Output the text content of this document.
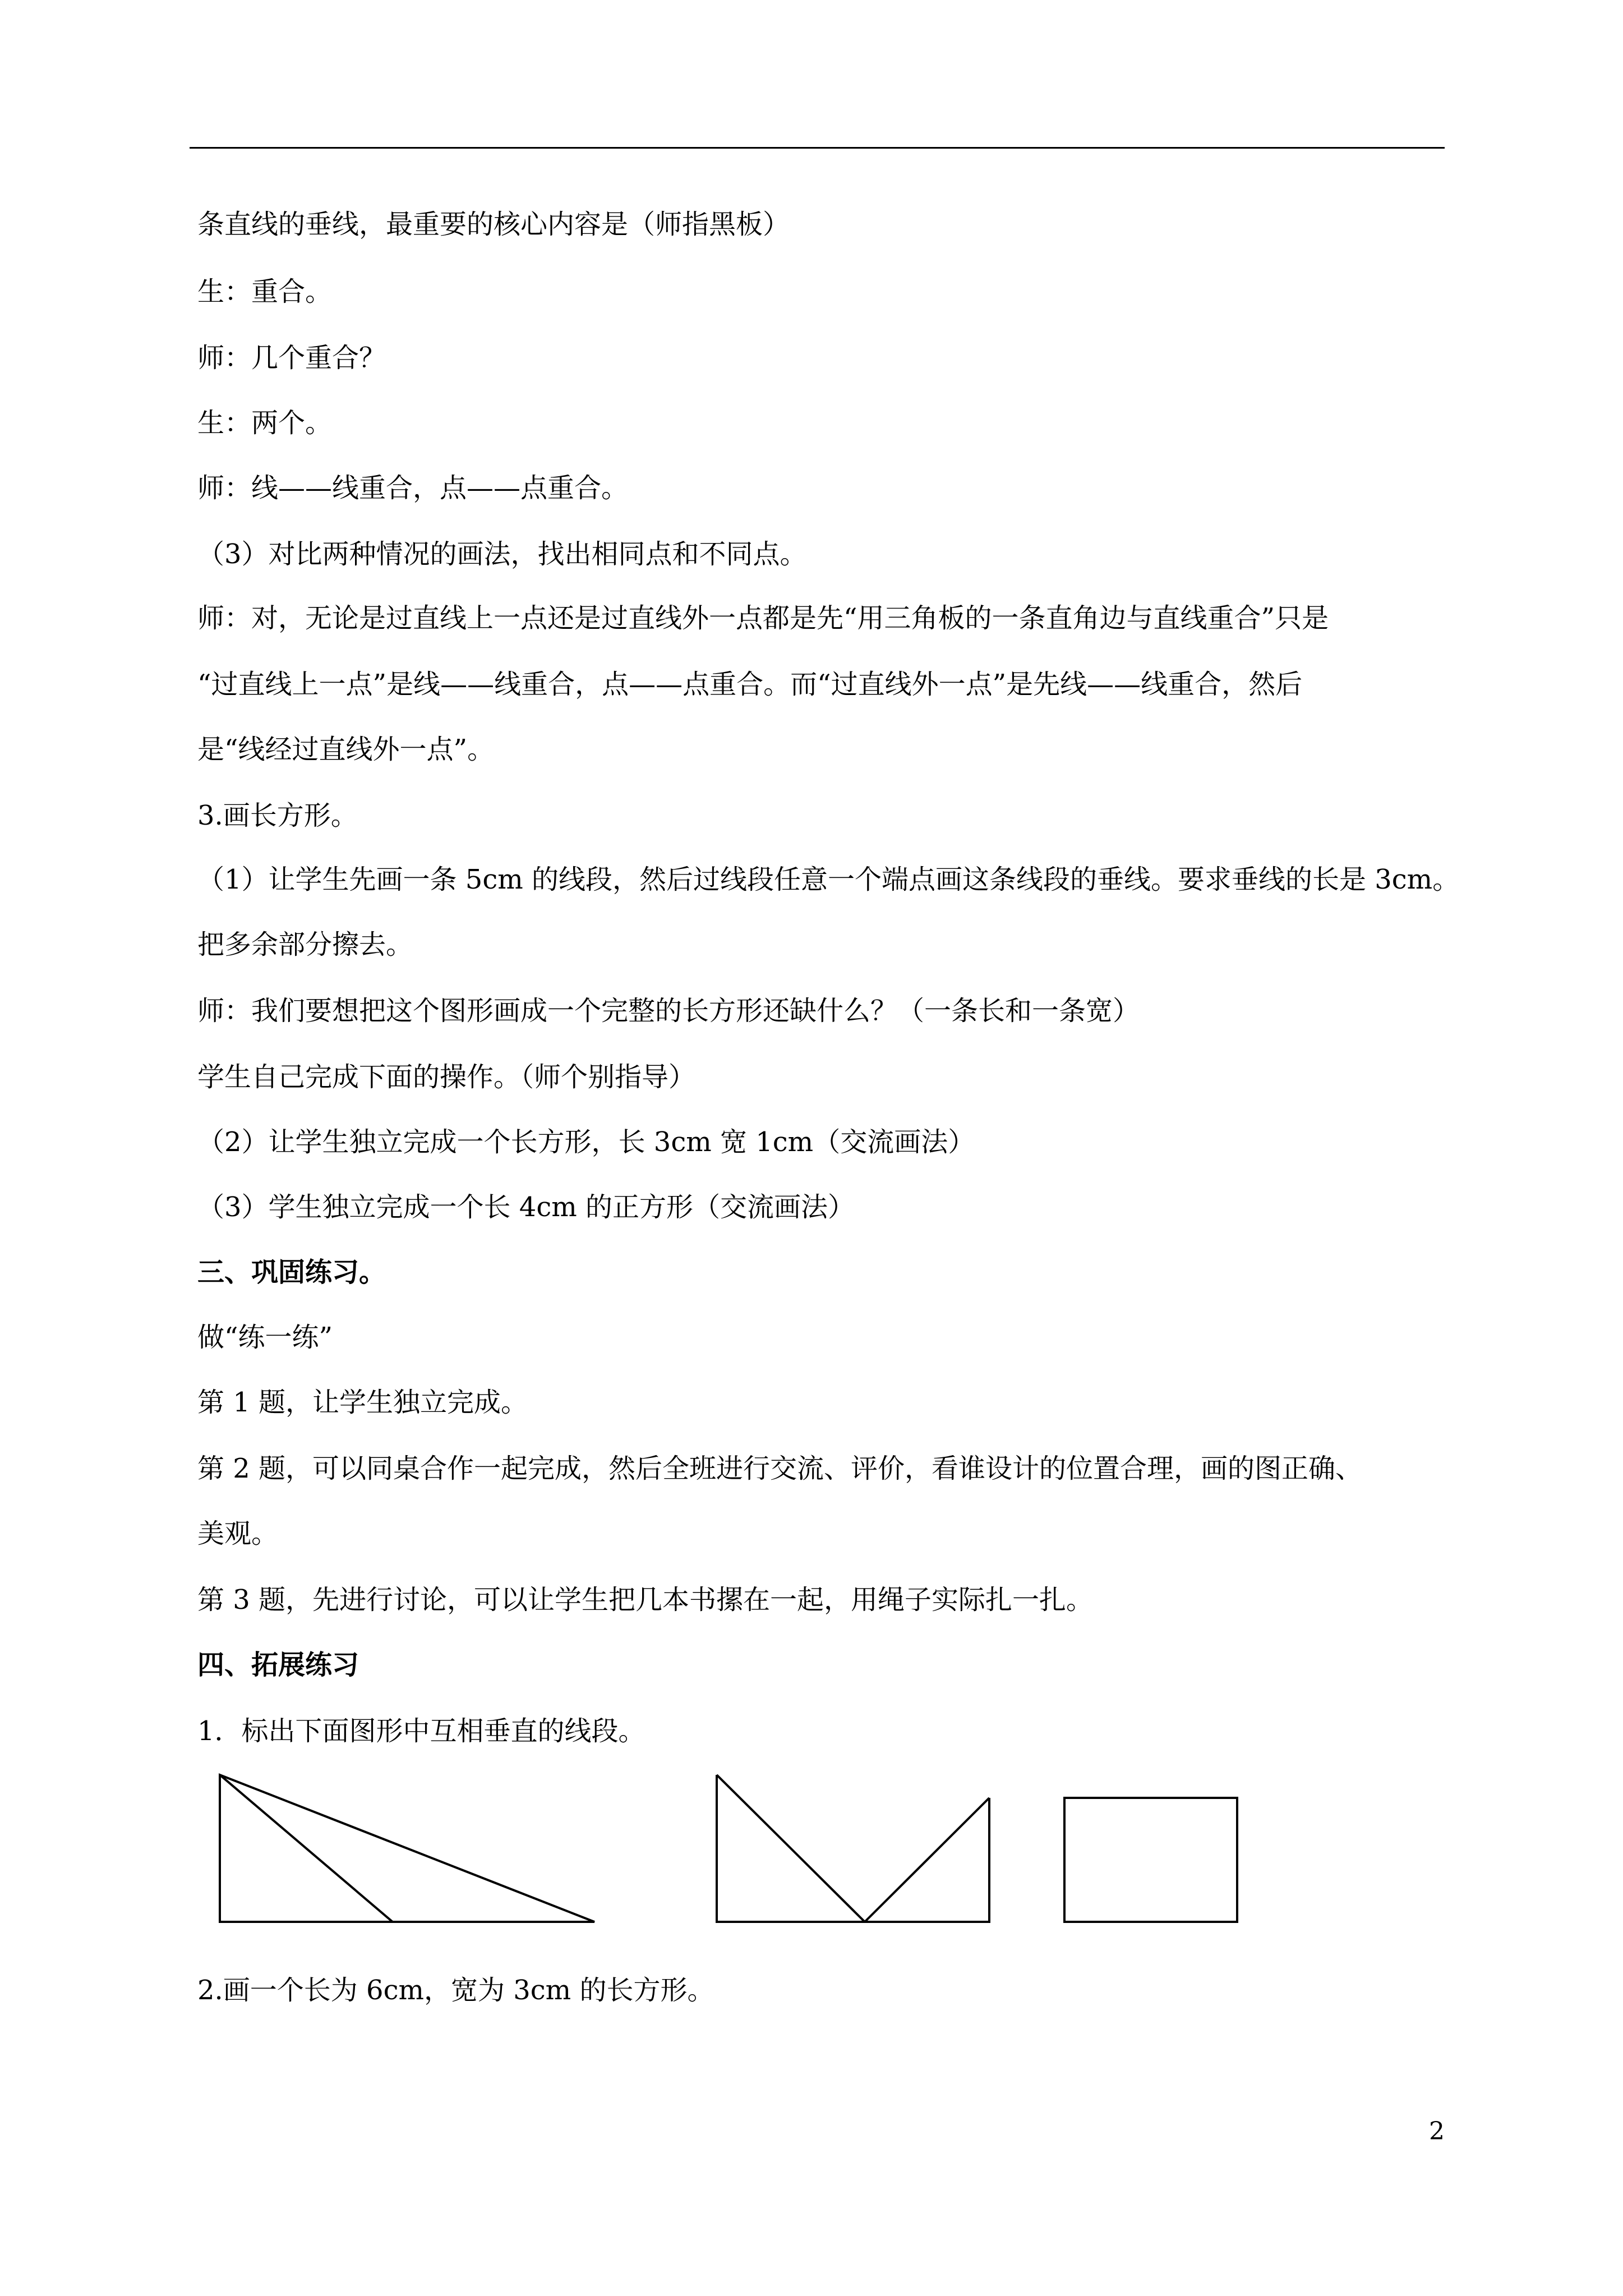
条直线的垂线，最重要的核心内容是（师指黑板）
生：重合。
师：几个重合？
生：两个。
师：线——线重合，点——点重合。
（3）对比两种情况的画法，找出相同点和不同点。
师：对，无论是过直线上一点还是过直线外一点都是先“用三角板的一条直角边与直线重合”只是
“过直线上一点”是线——线重合，点——点重合。而“过直线外一点”是先线——线重合，然后
是“线经过直线外一点”。
3.画长方形。
（1）让学生先画一条 5cm 的线段，然后过线段任意一个端点画这条线段的垂线。要求垂线的长是 3cm。
把多余部分擦去。
师：我们要想把这个图形画成一个完整的长方形还缺什么？（一条长和一条宽）
学生自己完成下面的操作。（师个别指导）
（2）让学生独立完成一个长方形，长 3cm 宽 1cm（交流画法）
（3）学生独立完成一个长 4cm 的正方形（交流画法）
三、巩固练习。
做“练一练”
第 1 题，让学生独立完成。
第 2 题，可以同桌合作一起完成，然后全班进行交流、评价，看谁设计的位置合理，画的图正确、
美观。
第 3 题，先进行讨论，可以让学生把几本书摞在一起，用绳子实际扎一扎。
四、拓展练习
1．标出下面图形中互相垂直的线段。
2.画一个长为 6cm，宽为 3cm 的长方形。
2
